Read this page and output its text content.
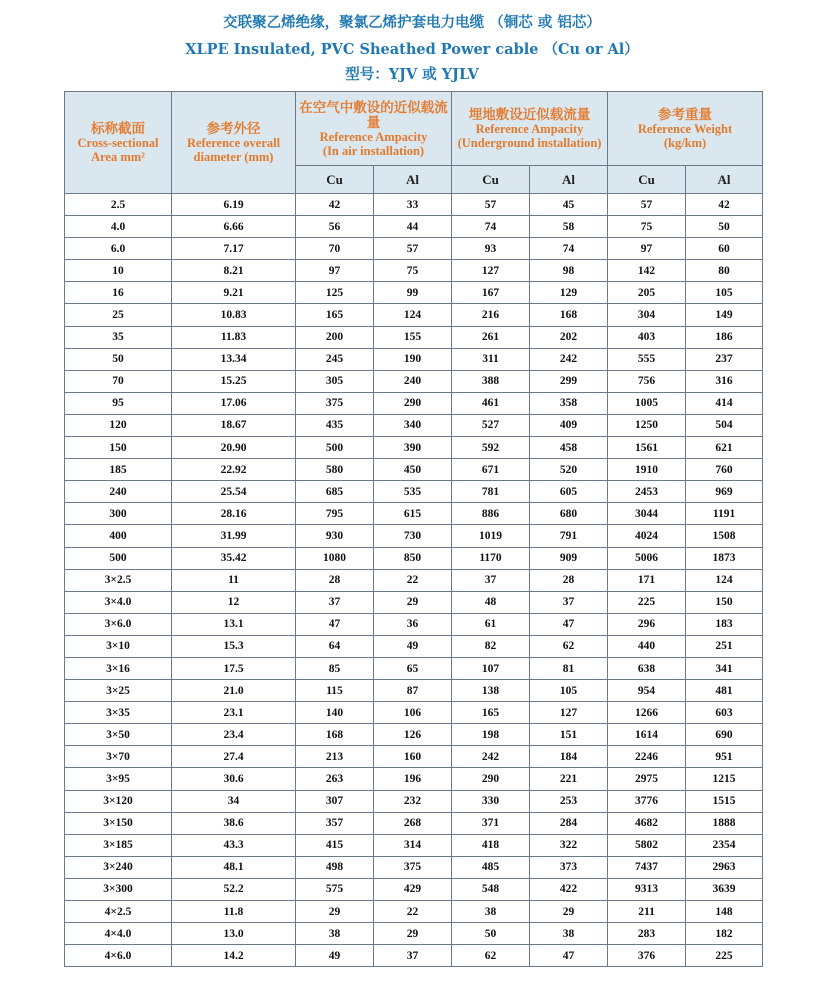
交联聚乙烯绝缘，聚氯乙烯护套电力电缆 （铜芯 或 铝芯）
XLPE Insulated, PVC Sheathed Power cable （Cu or Al）
型号：YJV 或 YJLV
标称截面
Cross-sectional
Area mm²	参考外径
Reference overall
diameter (mm)	在空气中敷设的近似载流量
Reference Ampacity
(In air installation)		埋地敷设近似载流量
Reference Ampacity
(Underground installation)		参考重量
Reference Weight
(kg/km)	

		Cu	Al	Cu	Al	Cu	Al
2.5	6.19	42	33	57	45	57	42
4.0	6.66	56	44	74	58	75	50
6.0	7.17	70	57	93	74	97	60
10	8.21	97	75	127	98	142	80
16	9.21	125	99	167	129	205	105
25	10.83	165	124	216	168	304	149
35	11.83	200	155	261	202	403	186
50	13.34	245	190	311	242	555	237
70	15.25	305	240	388	299	756	316
95	17.06	375	290	461	358	1005	414
120	18.67	435	340	527	409	1250	504
150	20.90	500	390	592	458	1561	621
185	22.92	580	450	671	520	1910	760
240	25.54	685	535	781	605	2453	969
300	28.16	795	615	886	680	3044	1191
400	31.99	930	730	1019	791	4024	1508
500	35.42	1080	850	1170	909	5006	1873
3×2.5	11	28	22	37	28	171	124
3×4.0	12	37	29	48	37	225	150
3×6.0	13.1	47	36	61	47	296	183
3×10	15.3	64	49	82	62	440	251
3×16	17.5	85	65	107	81	638	341
3×25	21.0	115	87	138	105	954	481
3×35	23.1	140	106	165	127	1266	603
3×50	23.4	168	126	198	151	1614	690
3×70	27.4	213	160	242	184	2246	951
3×95	30.6	263	196	290	221	2975	1215
3×120	34	307	232	330	253	3776	1515
3×150	38.6	357	268	371	284	4682	1888
3×185	43.3	415	314	418	322	5802	2354
3×240	48.1	498	375	485	373	7437	2963
3×300	52.2	575	429	548	422	9313	3639
4×2.5	11.8	29	22	38	29	211	148
4×4.0	13.0	38	29	50	38	283	182
4×6.0	14.2	49	37	62	47	376	225
